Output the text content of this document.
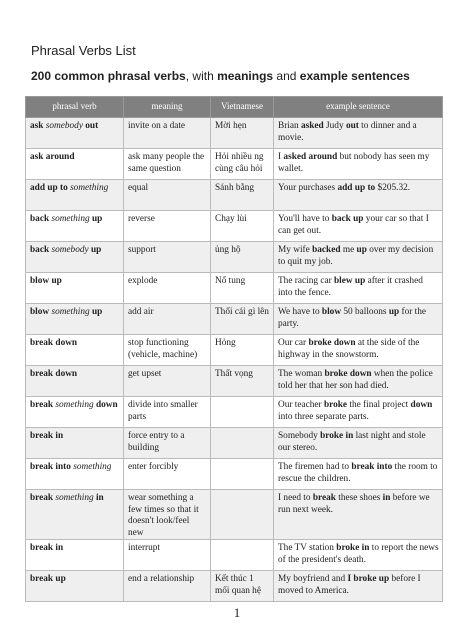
Phrasal Verbs List
200 common phrasal verbs, with meanings and example sentences
phrasal verb	meaning	Vietnamese	example sentence
ask somebody out	invite on a date	Mời hẹn	Brian asked Judy out to dinner and a movie.
ask around	ask many people the same question	Hỏi nhiều ng cùng câu hỏi	I asked around but nobody has seen my wallet.
add up to something	equal	Sánh bằng	Your purchases add up to $205.32.
back something up	reverse	Chạy lùi	You'll have to back up your car so that I can get out.
back somebody up	support	ủng hộ	My wife backed me up over my decision to quit my job.
blow up	explode	Nổ tung	The racing car blew up after it crashed into the fence.
blow something up	add air	Thổi cái gì lên	We have to blow 50 balloons up for the party.
break down	stop functioning (vehicle, machine)	Hỏng	Our car broke down at the side of the highway in the snowstorm.
break down	get upset	Thất vọng	The woman broke down when the police told her that her son had died.
break something down	divide into smaller parts		Our teacher broke the final project down into three separate parts.
break in	force entry to a building		Somebody broke in last night and stole our stereo.
break into something	enter forcibly		The firemen had to break into the room to rescue the children.
break something in	wear something a few times so that it doesn't look/feel new		I need to break these shoes in before we run next week.
break in	interrupt		The TV station broke in to report the news of the president's death.
break up	end a relationship	Kết thúc 1 mối quan hệ	My boyfriend and I broke up before I moved to America.
1
